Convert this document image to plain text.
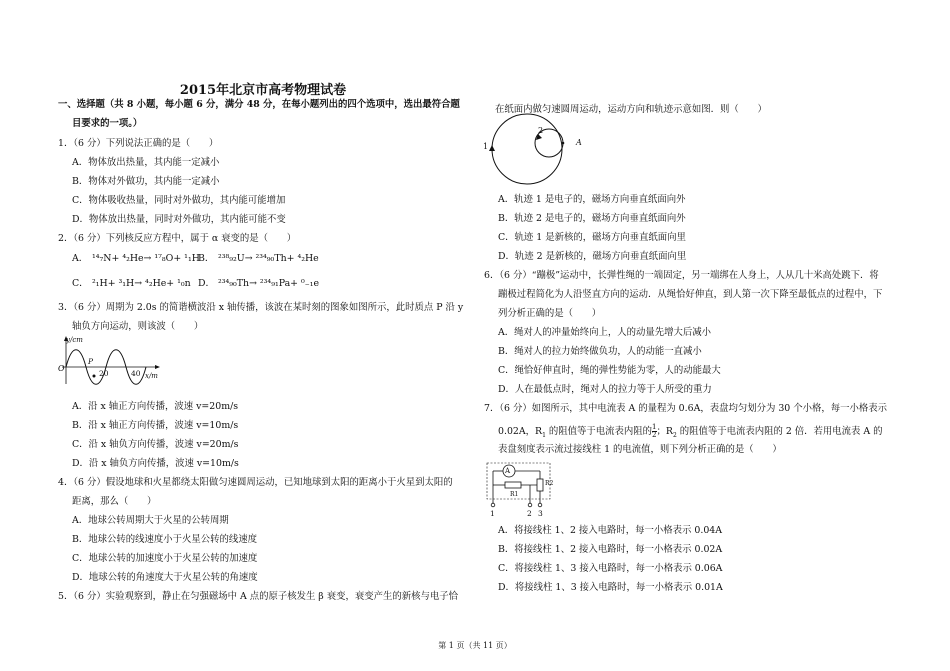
2015年北京市高考物理试卷
一、选择题（共 8 小题，每小题 6 分，满分 48 分，在每小题列出的四个选项中，选出最符合题
目要求的一项。）
1．（6 分）下列说法正确的是（　　）
A．物体放出热量，其内能一定减小
B．物体对外做功，其内能一定减小
C．物体吸收热量，同时对外做功，其内能可能增加
D．物体放出热量，同时对外做功，其内能可能不变
2．（6 分）下列核反应方程中，属于 α 衰变的是（　　）
A． ¹⁴₇N+ ⁴₂He→ ¹⁷₈O+ ¹₁H
B． ²³⁸₉₂U→ ²³⁴₉₀Th+ ⁴₂He
C． ²₁H+ ³₁H→ ⁴₂He+ ¹₀n D． ²³⁴₉₀Th→ ²³⁴₉₁Pa+ ⁰₋₁e
3．（6 分）周期为 2.0s 的简谐横波沿 x 轴传播，该波在某时刻的图象如图所示，此时质点 P 沿 y
轴负方向运动，则该波（　　）
y/cm
O
P
20	40 x/m
A．沿 x 轴正方向传播，波速 v=20m/s
B．沿 x 轴正方向传播，波速 v=10m/s
C．沿 x 轴负方向传播，波速 v=20m/s
D．沿 x 轴负方向传播，波速 v=10m/s
4．（6 分）假设地球和火星都绕太阳做匀速圆周运动，已知地球到太阳的距离小于火星到太阳的
距离，那么（　　）
A．地球公转周期大于火星的公转周期
B．地球公转的线速度小于火星公转的线速度
C．地球公转的加速度小于火星公转的加速度
D．地球公转的角速度大于火星公转的角速度
5．（6 分）实验观察到，静止在匀强磁场中 A 点的原子核发生 β 衰变，衰变产生的新核与电子恰
在纸面内做匀速圆周运动，运动方向和轨迹示意如图．则（　　）
1
2
A
A．轨迹 1 是电子的，磁场方向垂直纸面向外
B．轨迹 2 是电子的，磁场方向垂直纸面向外
C．轨迹 1 是新核的，磁场方向垂直纸面向里
D．轨迹 2 是新核的，磁场方向垂直纸面向里
6．（6 分）“蹦极”运动中，长弹性绳的一端固定，另一端绑在人身上，人从几十米高处跳下．将
蹦极过程简化为人沿竖直方向的运动．从绳恰好伸直，到人第一次下降至最低点的过程中，下
列分析正确的是（　　）
A．绳对人的冲量始终向上，人的动量先增大后减小
B．绳对人的拉力始终做负功，人的动能一直减小
C．绳恰好伸直时，绳的弹性势能为零，人的动能最大
D．人在最低点时，绳对人的拉力等于人所受的重力
7．（6 分）如图所示，其中电流表 A 的量程为 0.6A，表盘均匀划分为 30 个小格，每一小格表示
0.02A，$R_1$ 的阻值等于电流表内阻的 $\frac{1}{2}$ ；$R_2$ 的阻值等于电流表内阻的 2 倍．若用电流表 A 的
表盘刻度表示流过接线柱 1 的电流值，则下列分析正确的是（　　）
A
R1
R2
1	2 3
A．将接线柱 1、2 接入电路时，每一小格表示 0.04A
B．将接线柱 1、2 接入电路时，每一小格表示 0.02A
C．将接线柱 1、3 接入电路时，每一小格表示 0.06A
D．将接线柱 1、3 接入电路时，每一小格表示 0.01A
第 1 页（共 11 页）
